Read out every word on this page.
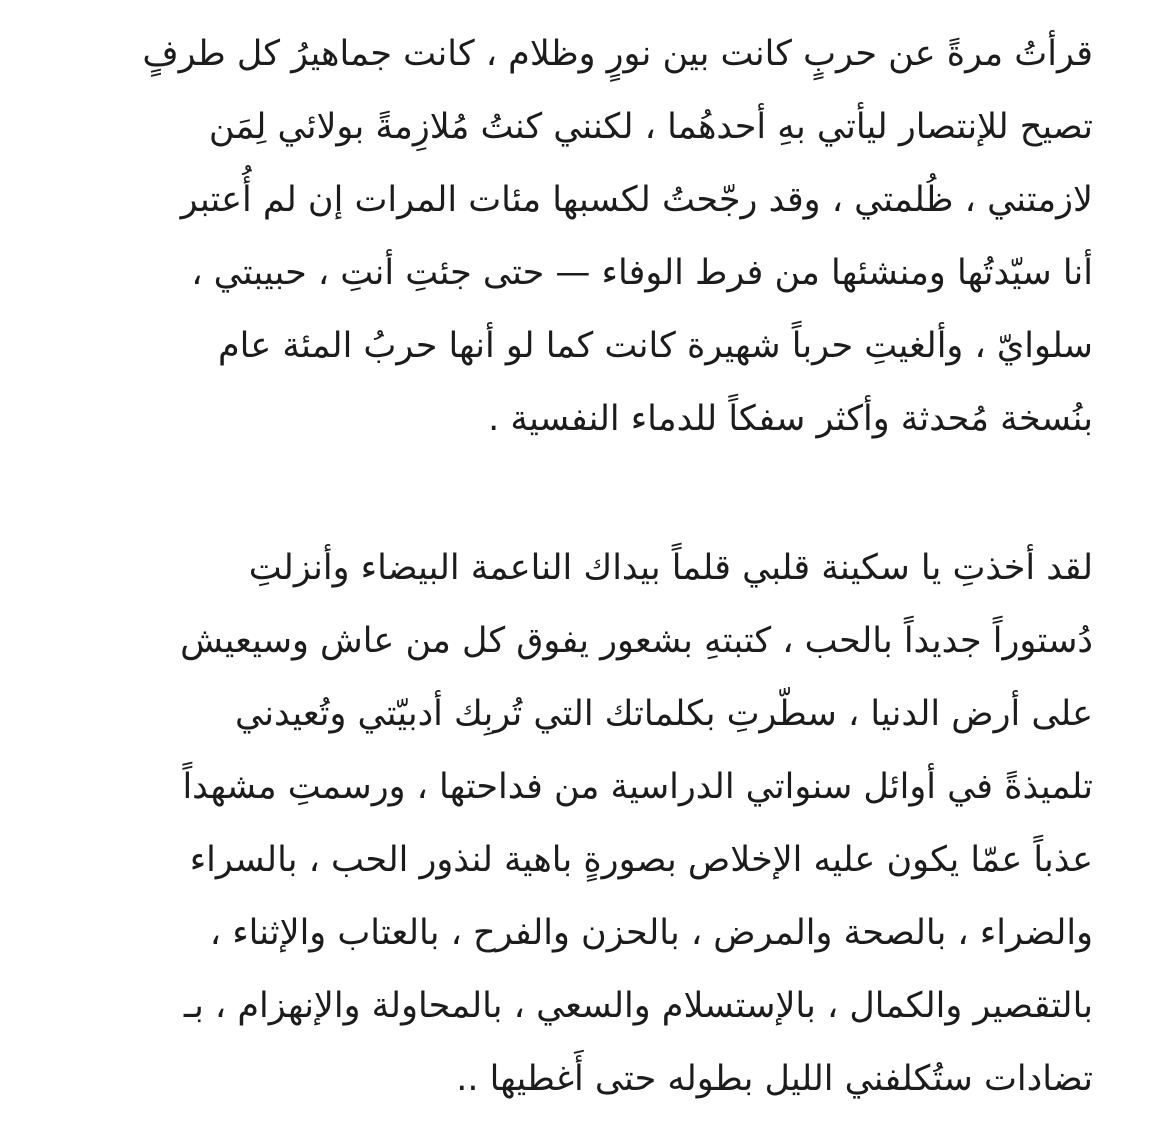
قرأتُ مرةً عن حربٍ كانت بين نورٍ وظلام ، كانت جماهيرُ كل طرفٍ
تصيح للإنتصار ليأتي بهِ أحدهُما ، لكنني كنتُ مُلازِمةً بولائي لِمَن
لازمتني ، ظُلمتي ، وقد رجّحتُ لكسبها مئات المرات إن لم أُعتبر
أنا سيّدتُها ومنشئها من فرط الوفاء — حتى جئتِ أنتِ ، حبيبتي ،
سلوايّ ، وألغيتِ حرباً شهيرة كانت كما لو أنها حربُ المئة عام
بنُسخة مُحدثة وأكثر سفكاً للدماء النفسية .
لقد أخذتِ يا سكينة قلبي قلماً بيداك الناعمة البيضاء وأنزلتِ
دُستوراً جديداً بالحب ، كتبتهِ بشعور يفوق كل من عاش وسيعيش
على أرض الدنيا ، سطّرتِ بكلماتك التي تُربِك أدبيّتي وتُعيدني
تلميذةً في أوائل سنواتي الدراسية من فداحتها ، ورسمتِ مشهداً
عذباً عمّا يكون عليه الإخلاص بصورةٍ باهية لنذور الحب ، بالسراء
والضراء ، بالصحة والمرض ، بالحزن والفرح ، بالعتاب والإثناء ،
بالتقصير والكمال ، بالإستسلام والسعي ، بالمحاولة والإنهزام ، بـ
تضادات ستُكلفني الليل بطوله حتى أَغطيها ..
